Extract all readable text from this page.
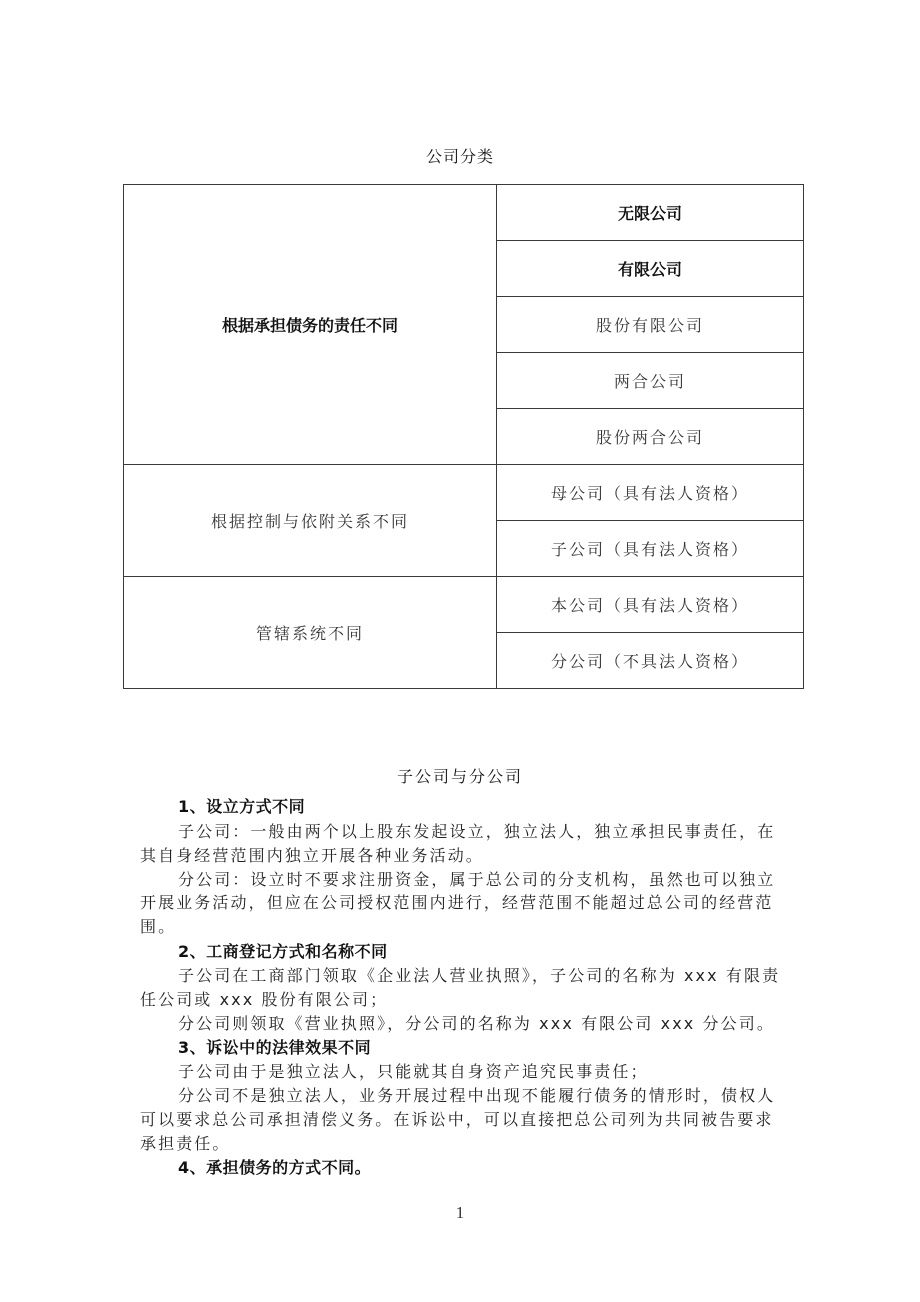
公司分类
根据承担债务的责任不同	无限公司
	有限公司
	股份有限公司
	两合公司
	股份两合公司
根据控制与依附关系不同	母公司（具有法人资格）
	子公司（具有法人资格）
管辖系统不同	本公司（具有法人资格）
	分公司（不具法人资格）
子公司与分公司
1、设立方式不同
子公司：一般由两个以上股东发起设立，独立法人，独立承担民事责任，在
其自身经营范围内独立开展各种业务活动。
分公司：设立时不要求注册资金，属于总公司的分支机构，虽然也可以独立
开展业务活动，但应在公司授权范围内进行，经营范围不能超过总公司的经营范
围。
2、工商登记方式和名称不同
子公司在工商部门领取《企业法人营业执照》，子公司的名称为 xxx 有限责
任公司或 xxx 股份有限公司；
分公司则领取《营业执照》，分公司的名称为 xxx 有限公司 xxx 分公司。
3、诉讼中的法律效果不同
子公司由于是独立法人，只能就其自身资产追究民事责任；
分公司不是独立法人，业务开展过程中出现不能履行债务的情形时，债权人
可以要求总公司承担清偿义务。在诉讼中，可以直接把总公司列为共同被告要求
承担责任。
4、承担债务的方式不同。
1
